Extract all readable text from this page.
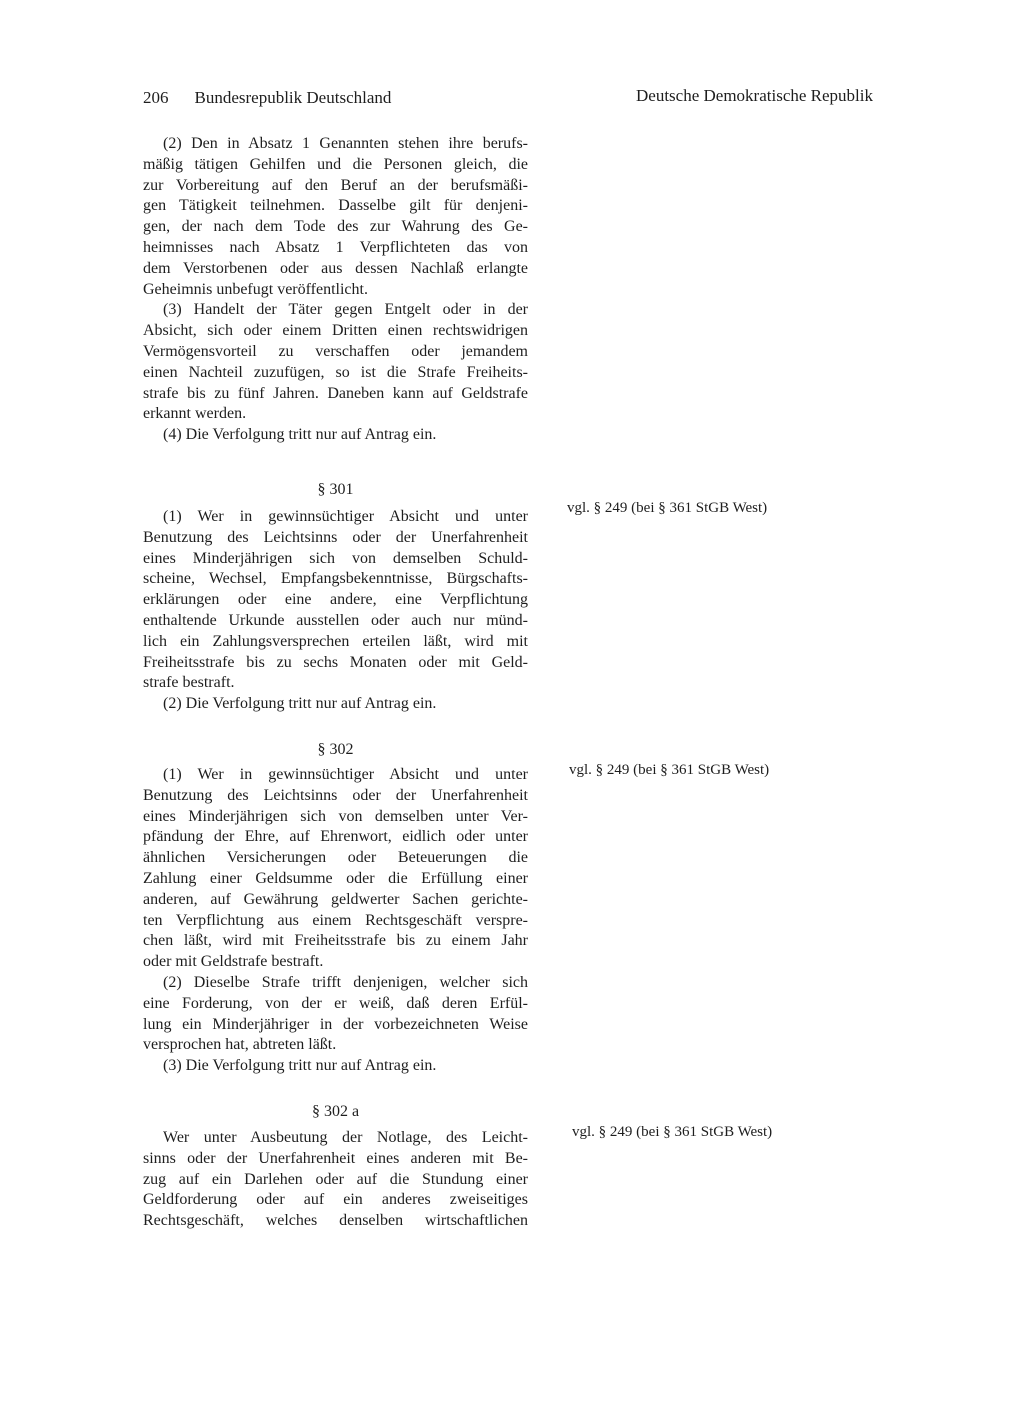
206 Bundesrepublik Deutschland	Deutsche Demokratische Republik
(2) Den in Absatz 1 Genannten stehen ihre berufs-
mäßig tätigen Gehilfen und die Personen gleich, die
zur Vorbereitung auf den Beruf an der berufsmäßi-
gen Tätigkeit teilnehmen. Dasselbe gilt für denjeni-
gen, der nach dem Tode des zur Wahrung des Ge-
heimnisses nach Absatz 1 Verpflichteten das von
dem Verstorbenen oder aus dessen Nachlaß erlangte
Geheimnis unbefugt veröffentlicht.
(3) Handelt der Täter gegen Entgelt oder in der
Absicht, sich oder einem Dritten einen rechtswidrigen
Vermögensvorteil zu verschaffen oder jemandem
einen Nachteil zuzufügen, so ist die Strafe Freiheits-
strafe bis zu fünf Jahren. Daneben kann auf Geldstrafe
erkannt werden.
(4) Die Verfolgung tritt nur auf Antrag ein.
§ 301
vgl. § 249 (bei § 361 StGB West)
(1) Wer in gewinnsüchtiger Absicht und unter
Benutzung des Leichtsinns oder der Unerfahrenheit
eines Minderjährigen sich von demselben Schuld-
scheine, Wechsel, Empfangsbekenntnisse, Bürgschafts-
erklärungen oder eine andere, eine Verpflichtung
enthaltende Urkunde ausstellen oder auch nur münd-
lich ein Zahlungsversprechen erteilen läßt, wird mit
Freiheitsstrafe bis zu sechs Monaten oder mit Geld-
strafe bestraft.
(2) Die Verfolgung tritt nur auf Antrag ein.
§ 302
vgl. § 249 (bei § 361 StGB West)
(1) Wer in gewinnsüchtiger Absicht und unter
Benutzung des Leichtsinns oder der Unerfahrenheit
eines Minderjährigen sich von demselben unter Ver-
pfändung der Ehre, auf Ehrenwort, eidlich oder unter
ähnlichen Versicherungen oder Beteuerungen die
Zahlung einer Geldsumme oder die Erfüllung einer
anderen, auf Gewährung geldwerter Sachen gerichte-
ten Verpflichtung aus einem Rechtsgeschäft verspre-
chen läßt, wird mit Freiheitsstrafe bis zu einem Jahr
oder mit Geldstrafe bestraft.
(2) Dieselbe Strafe trifft denjenigen, welcher sich
eine Forderung, von der er weiß, daß deren Erfül-
lung ein Minderjähriger in der vorbezeichneten Weise
versprochen hat, abtreten läßt.
(3) Die Verfolgung tritt nur auf Antrag ein.
§ 302 a
vgl. § 249 (bei § 361 StGB West)
Wer unter Ausbeutung der Notlage, des Leicht-
sinns oder der Unerfahrenheit eines anderen mit Be-
zug auf ein Darlehen oder auf die Stundung einer
Geldforderung oder auf ein anderes zweiseitiges
Rechtsgeschäft, welches denselben wirtschaftlichen
